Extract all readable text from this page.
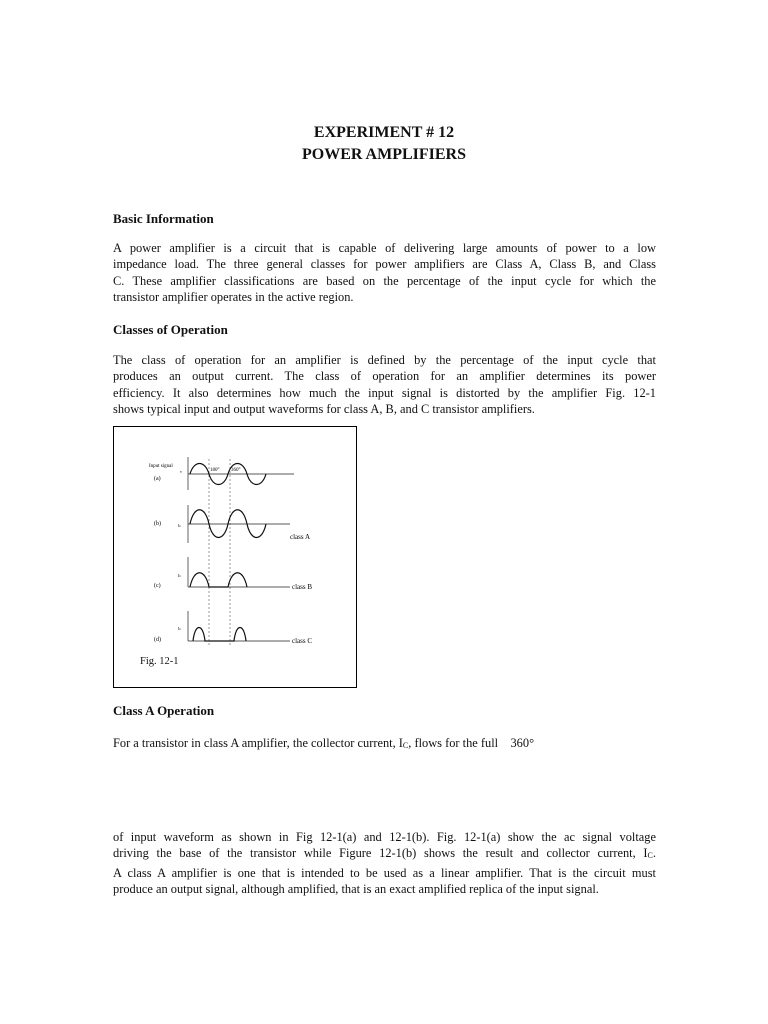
EXPERIMENT # 12
POWER AMPLIFIERS
Basic Information
A power amplifier is a circuit that is capable of delivering large amounts of power to a low
impedance load. The three general classes for power amplifiers are Class A, Class B, and Class
C. These amplifier classifications are based on the percentage of the input cycle for which the
transistor amplifier operates in the active region.
Classes of Operation
The class of operation for an amplifier is defined by the percentage of the input cycle that
produces an output current. The class of operation for an amplifier determines its power
efficiency. It also determines how much the input signal is distorted by the amplifier Fig. 12-1
shows typical input and output waveforms for class A, B, and C transistor amplifiers.
Input signal
(a)
(b)
(c)
(d)
v
Iᴄ
Iᴄ
Iᴄ
180° 360°
class A
class B
class C
Fig. 12-1
Class A Operation
For a transistor in class A amplifier, the collector current, IC, flows for the full 360°
of input waveform as shown in Fig 12-1(a) and 12-1(b). Fig. 12-1(a) show the ac signal voltage
driving the base of the transistor while Figure 12-1(b) shows the result and collector current, IC.
A class A amplifier is one that is intended to be used as a linear amplifier. That is the circuit must
produce an output signal, although amplified, that is an exact amplified replica of the input signal.
